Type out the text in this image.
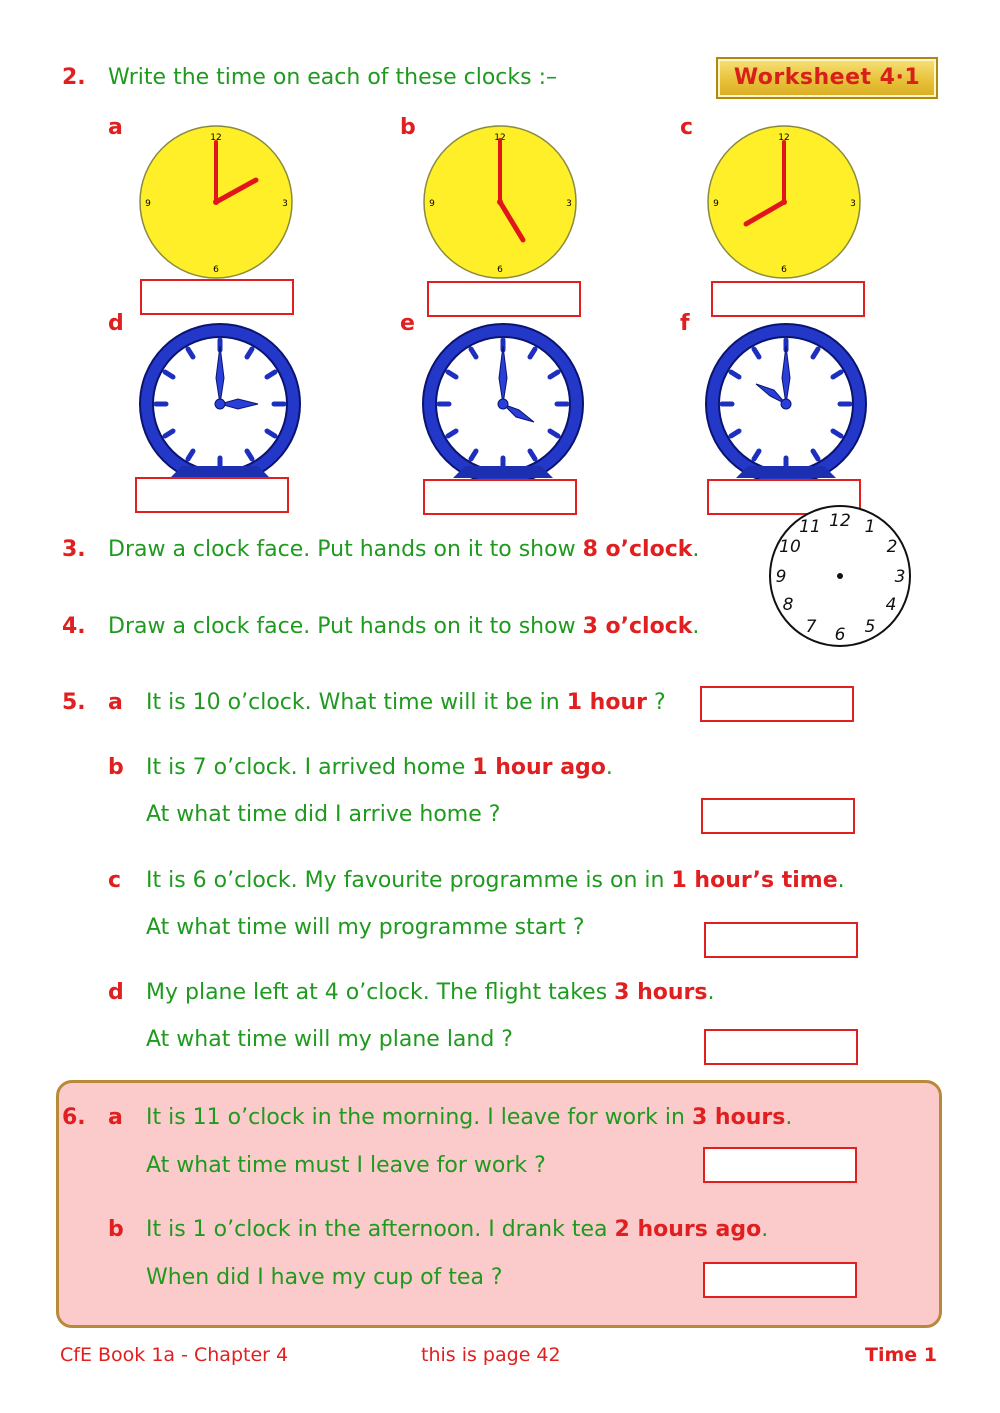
2. Write the time on each of these clocks :–	Worksheet 4·1
a	b	c
d	e	f
12
3
6
9
12
3
6
9
12
3
6
9
3. Draw a clock face. Put hands on it to show 8 o’clock.
4. Draw a clock face. Put hands on it to show 3 o’clock.
12 1
2
3
4
5
6
7
8
9
10
11
5. a It is 10 o’clock. What time will it be in 1 hour ?
b It is 7 o’clock. I arrived home 1 hour ago.
At what time did I arrive home ?
c It is 6 o’clock. My favourite programme is on in 1 hour’s time.
At what time will my programme start ?
d My plane left at 4 o’clock. The flight takes 3 hours.
At what time will my plane land ?
6. a It is 11 o’clock in the morning. I leave for work in 3 hours.
At what time must I leave for work ?
b It is 1 o’clock in the afternoon. I drank tea 2 hours ago.
When did I have my cup of tea ?
CfE Book 1a - Chapter 4	this is page 42	Time 1
